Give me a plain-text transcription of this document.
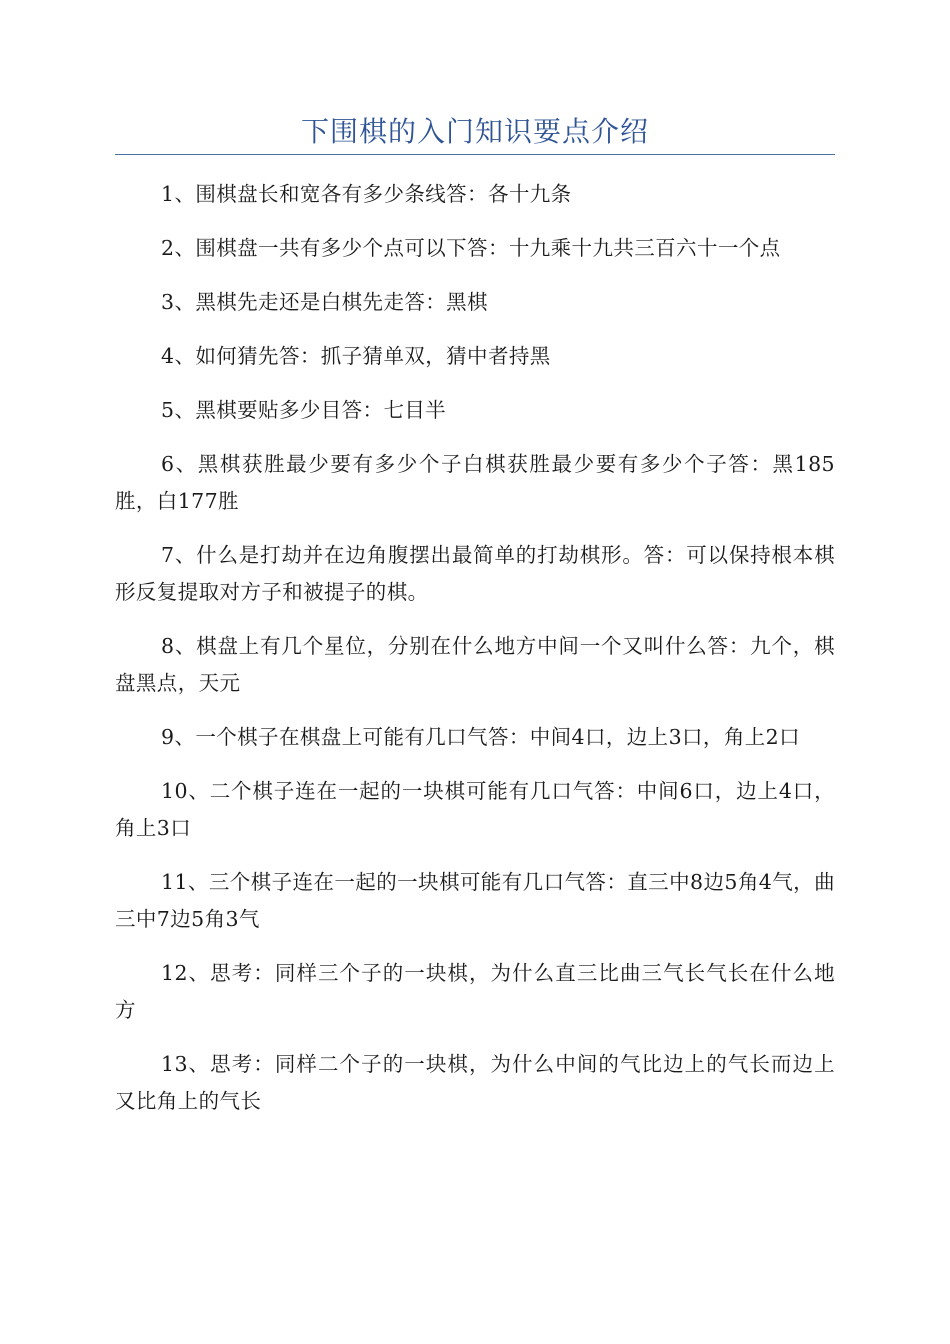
下围棋的入门知识要点介绍

1、围棋盘长和宽各有多少条线答：各十九条

2、围棋盘一共有多少个点可以下答：十九乘十九共三百六十一个点

3、黑棋先走还是白棋先走答：黑棋

4、如何猜先答：抓子猜单双，猜中者持黑

5、黑棋要贴多少目答：七目半

6、黑棋获胜最少要有多少个子白棋获胜最少要有多少个子答：黑185胜，白177胜

7、什么是打劫并在边角腹摆出最简单的打劫棋形。答：可以保持根本棋形反复提取对方子和被提子的棋。

8、棋盘上有几个星位，分别在什么地方中间一个又叫什么答：九个，棋盘黑点，天元

9、一个棋子在棋盘上可能有几口气答：中间4口，边上3口，角上2口

10、二个棋子连在一起的一块棋可能有几口气答：中间6口，边上4口，角上3口

11、三个棋子连在一起的一块棋可能有几口气答：直三中8边5角4气，曲三中7边5角3气

12、思考：同样三个子的一块棋，为什么直三比曲三气长气长在什么地方

13、思考：同样二个子的一块棋，为什么中间的气比边上的气长而边上又比角上的气长
